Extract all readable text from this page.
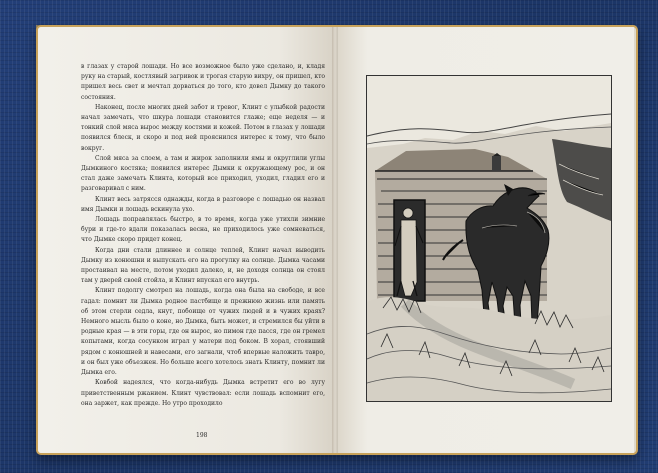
в глазах у старой лошади. Но все возможное было уже сделано, и, кладя руку на старый, костлявый загривок и трогая старую вихру, он пришел, кто пришел весь свет и мечтал дорваться до того, кто довел Дымку до такого состояния.

Наконец, после многих дней забот и тревог, Клинт с улыбкой радости начал замечать, что шкура лошади становится глаже; еще неделя — и тонкий слой мяса вырос между костями и кожей. Потом в глазах у лошади появился блеск, и скоро и под ней прояснился интерес к тому, что было вокруг.

Слой мяса за слоем, а там и жирок заполнили ямы и округлили углы Дымкиного костяка; появился интерес Дымки к окружающему рос, и он стал даже замечать Клинта, который все приходил, уходил, гладил его и разговаривал с ним.

Клинт весь затрясся однажды, когда в разговоре с лошадью он назвал имя Дымки и лошадь вскинула ухо.

Лошадь поправлялась быстро, в то время, когда уже утихли зимние бури и где-то вдали показалась весна, не приходилось уже сомневаться, что Дымке скоро придет конец.

Когда дни стали длиннее и солнце теплей, Клинт начал выводить Дымку из конюшни и выпускать его на прогулку на солнце. Дымка часами простаивал на месте, потом уходил далеко, и, не доходя солнца он стоял там у дверей своей стойла, и Клинт впускал его внутрь.

Клинт подолгу смотрел на лошадь, когда она была на свободе, и все гадал: помнит ли Дымка родное пастбище и прежнюю жизнь или память об этом стерли седла, кнут, побоище от чужих людей и в чужих краях? Немного мысль было о коне, но Дымка, быть может, и стремился бы уйти в родные края — в эти горы, где он вырос, но пимон где пасся, где он гремел копытами, когда сосунком играл у матери под боком. В хорал, стоявший рядом с конюшней и навесами, его загнали, чтоб впервые наложить тавро, и он был уже объезжен. Но больше всего хотелось знать Клинту, помнит ли Дымка его.

Ковбой надеялся, что когда-нибудь Дымка встретит его во лугу приветственным ржанием. Клинт чувствовал: если лошадь вспомнит его, она заржет, как прежде. Но утро проходило

198
